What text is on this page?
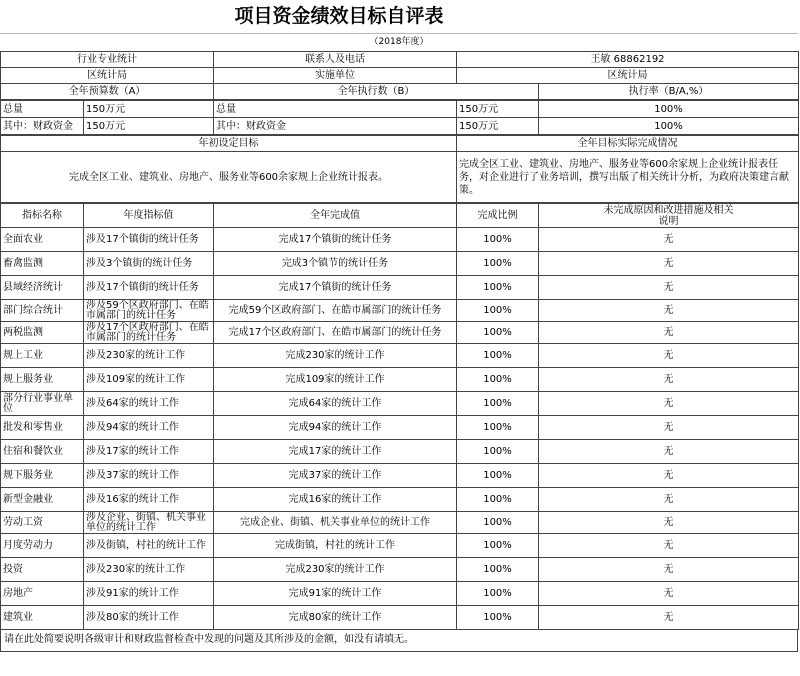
项目资金绩效目标自评表
（2018年度）
行业专业统计	联系人及电话	王敏 68862192	
区统计局	实施单位	区统计局	
全年预算数（A）	全年执行数（B）		执行率（B/A,%）
总量	150万元	总量	150万元	100%
其中：财政资金	150万元	其中：财政资金	150万元	100%
年初设定目标	全年目标实际完成情况
完成全区工业、建筑业、房地产、服务业等600余家规上企业统计报表。	完成全区工业、建筑业、房地产、服务业等600余家规上企业统计报表任务，对企业进行了业务培训，撰写出版了相关统计分析，为政府决策建言献策。
指标名称	年度指标值	全年完成值	完成比例	未完成原因和改进措施及相关说明
全面农业	涉及17个镇街的统计任务	完成17个镇街的统计任务	100%	无
畜禽监测	涉及3个镇街的统计任务	完成3个镇节的统计任务	100%	无
县域经济统计	涉及17个镇街的统计任务	完成17个镇街的统计任务	100%	无
部门综合统计	涉及59个区政府部门、在皓市属部门的统计任务	完成59个区政府部门、在皓市属部门的统计任务	100%	无
两税监测	涉及17个区政府部门、在皓市属部门的统计任务	完成17个区政府部门、在皓市属部门的统计任务	100%	无
规上工业	涉及230家的统计工作	完成230家的统计工作	100%	无
规上服务业	涉及109家的统计工作	完成109家的统计工作	100%	无
部分行业事业单位	涉及64家的统计工作	完成64家的统计工作	100%	无
批发和零售业	涉及94家的统计工作	完成94家的统计工作	100%	无
住宿和餐饮业	涉及17家的统计工作	完成17家的统计工作	100%	无
规下服务业	涉及37家的统计工作	完成37家的统计工作	100%	无
新型金融业	涉及16家的统计工作	完成16家的统计工作	100%	无
劳动工资	涉及企业、街镇、机关事业单位的统计工作	完成企业、街镇、机关事业单位的统计工作	100%	无
月度劳动力	涉及街镇，村社的统计工作	完成街镇，村社的统计工作	100%	无
投资	涉及230家的统计工作	完成230家的统计工作	100%	无
房地产	涉及91家的统计工作	完成91家的统计工作	100%	无
建筑业	涉及80家的统计工作	完成80家的统计工作	100%	无
请在此处简要说明各级审计和财政监督检查中发现的问题及其所涉及的金额，如没有请填无。
